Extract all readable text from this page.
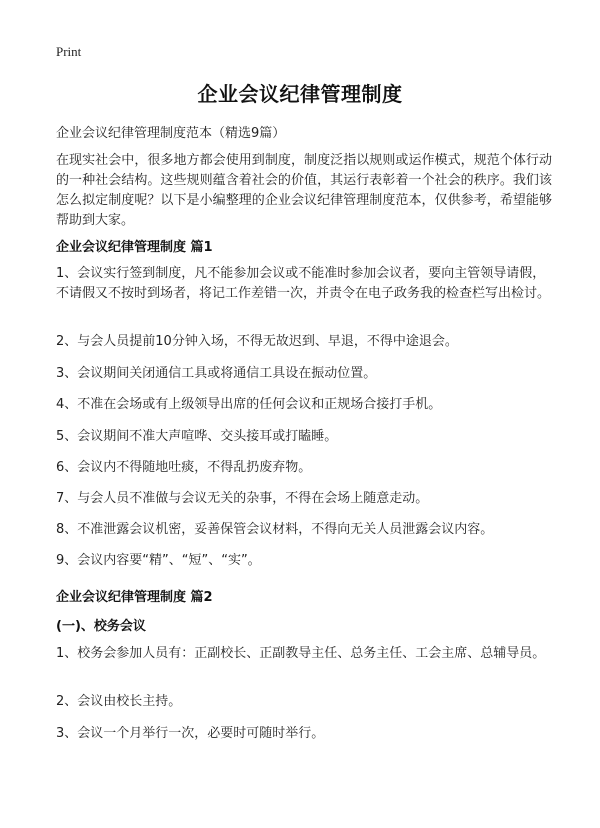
Print
企业会议纪律管理制度
企业会议纪律管理制度范本（精选9篇）
在现实社会中，很多地方都会使用到制度，制度泛指以规则或运作模式，规范个体行动的一种社会结构。这些规则蕴含着社会的价值，其运行表彰着一个社会的秩序。我们该怎么拟定制度呢？以下是小编整理的企业会议纪律管理制度范本，仅供参考，希望能够帮助到大家。
企业会议纪律管理制度 篇1
1、会议实行签到制度，凡不能参加会议或不能准时参加会议者，要向主管领导请假，不请假又不按时到场者，将记工作差错一次，并责令在电子政务我的检查栏写出检讨。
2、与会人员提前10分钟入场，不得无故迟到、早退，不得中途退会。
3、会议期间关闭通信工具或将通信工具设在振动位置。
4、不准在会场或有上级领导出席的任何会议和正规场合接打手机。
5、会议期间不准大声喧哗、交头接耳或打瞌睡。
6、会议内不得随地吐痰，不得乱扔废弃物。
7、与会人员不准做与会议无关的杂事，不得在会场上随意走动。
8、不准泄露会议机密，妥善保管会议材料，不得向无关人员泄露会议内容。
9、会议内容要“精”、“短”、“实”。
企业会议纪律管理制度 篇2
(一)、校务会议
1、校务会参加人员有：正副校长、正副教导主任、总务主任、工会主席、总辅导员。
2、会议由校长主持。
3、会议一个月举行一次，必要时可随时举行。
